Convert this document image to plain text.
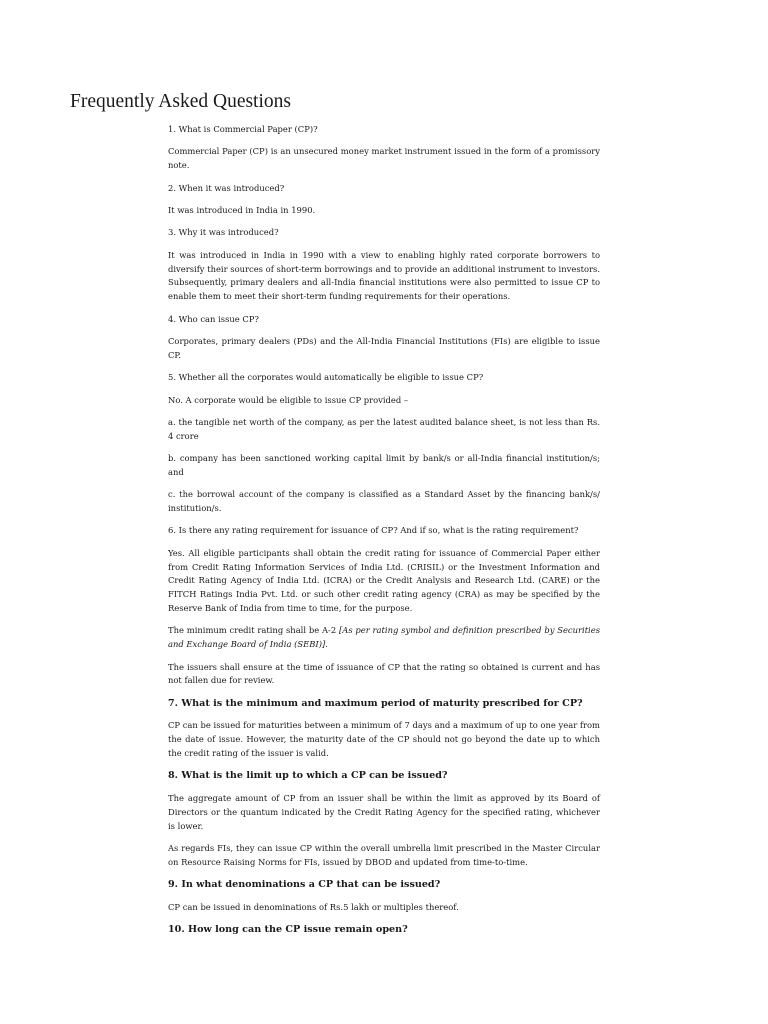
Frequently Asked Questions

1. What is Commercial Paper (CP)?

Commercial Paper (CP) is an unsecured money market instrument issued in the form of a promissory note.

2. When it was introduced?

It was introduced in India in 1990.

3. Why it was introduced?

It was introduced in India in 1990 with a view to enabling highly rated corporate borrowers to diversify their sources of short-term borrowings and to provide an additional instrument to investors. Subsequently, primary dealers and all-India financial institutions were also permitted to issue CP to enable them to meet their short-term funding requirements for their operations.

4. Who can issue CP?

Corporates, primary dealers (PDs) and the All-India Financial Institutions (FIs) are eligible to issue CP.

5. Whether all the corporates would automatically be eligible to issue CP?

No. A corporate would be eligible to issue CP provided –

a. the tangible net worth of the company, as per the latest audited balance sheet, is not less than Rs. 4 crore

b. company has been sanctioned working capital limit by bank/s or all-India financial institution/s; and

c. the borrowal account of the company is classified as a Standard Asset by the financing bank/s/ institution/s.

6. Is there any rating requirement for issuance of CP? And if so, what is the rating requirement?

Yes. All eligible participants shall obtain the credit rating for issuance of Commercial Paper either from Credit Rating Information Services of India Ltd. (CRISIL) or the Investment Information and Credit Rating Agency of India Ltd. (ICRA) or the Credit Analysis and Research Ltd. (CARE) or the FITCH Ratings India Pvt. Ltd. or such other credit rating agency (CRA) as may be specified by the Reserve Bank of India from time to time, for the purpose.

The minimum credit rating shall be A-2 [As per rating symbol and definition prescribed by Securities and Exchange Board of India (SEBI)].

The issuers shall ensure at the time of issuance of CP that the rating so obtained is current and has not fallen due for review.

7. What is the minimum and maximum period of maturity prescribed for CP?

CP can be issued for maturities between a minimum of 7 days and a maximum of up to one year from the date of issue. However, the maturity date of the CP should not go beyond the date up to which the credit rating of the issuer is valid.

8. What is the limit up to which a CP can be issued?

The aggregate amount of CP from an issuer shall be within the limit as approved by its Board of Directors or the quantum indicated by the Credit Rating Agency for the specified rating, whichever is lower.

As regards FIs, they can issue CP within the overall umbrella limit prescribed in the Master Circular on Resource Raising Norms for FIs, issued by DBOD and updated from time-to-time.

9. In what denominations a CP that can be issued?

CP can be issued in denominations of Rs.5 lakh or multiples thereof.

10. How long can the CP issue remain open?
